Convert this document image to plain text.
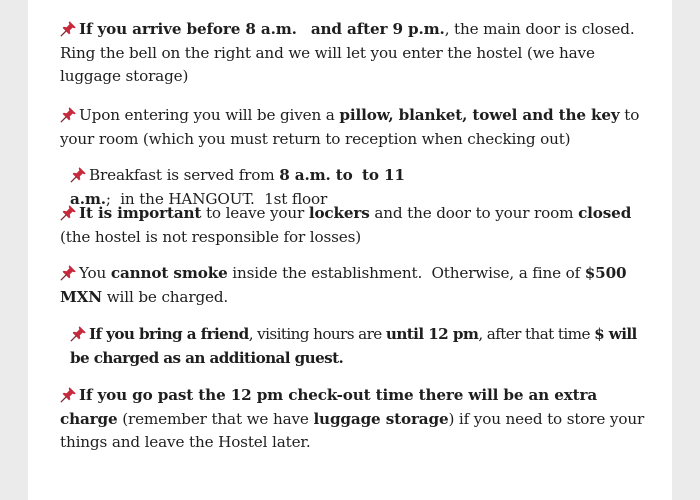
If you arrive before 8 a.m. and after 9 p.m., the main door is closed. Ring the bell on the right and we will let you enter the hostel (we have luggage storage)
Upon entering you will be given a pillow, blanket, towel and the key to your room (which you must return to reception when checking out)
Breakfast is served from 8 a.m. to to 11 a.m.;  in the HANGOUT.  1st floor
It is important to leave your lockers and the door to your room closed (the hostel is not responsible for losses)
You cannot smoke inside the establishment.  Otherwise, a fine of $500 MXN will be charged.
If you bring a friend, visiting hours are until 12 pm, after that time $ will be charged as an additional guest.
If you go past the 12 pm check-out time there will be an extra charge (remember that we have luggage storage) if you need to store your things and leave the Hostel later.
